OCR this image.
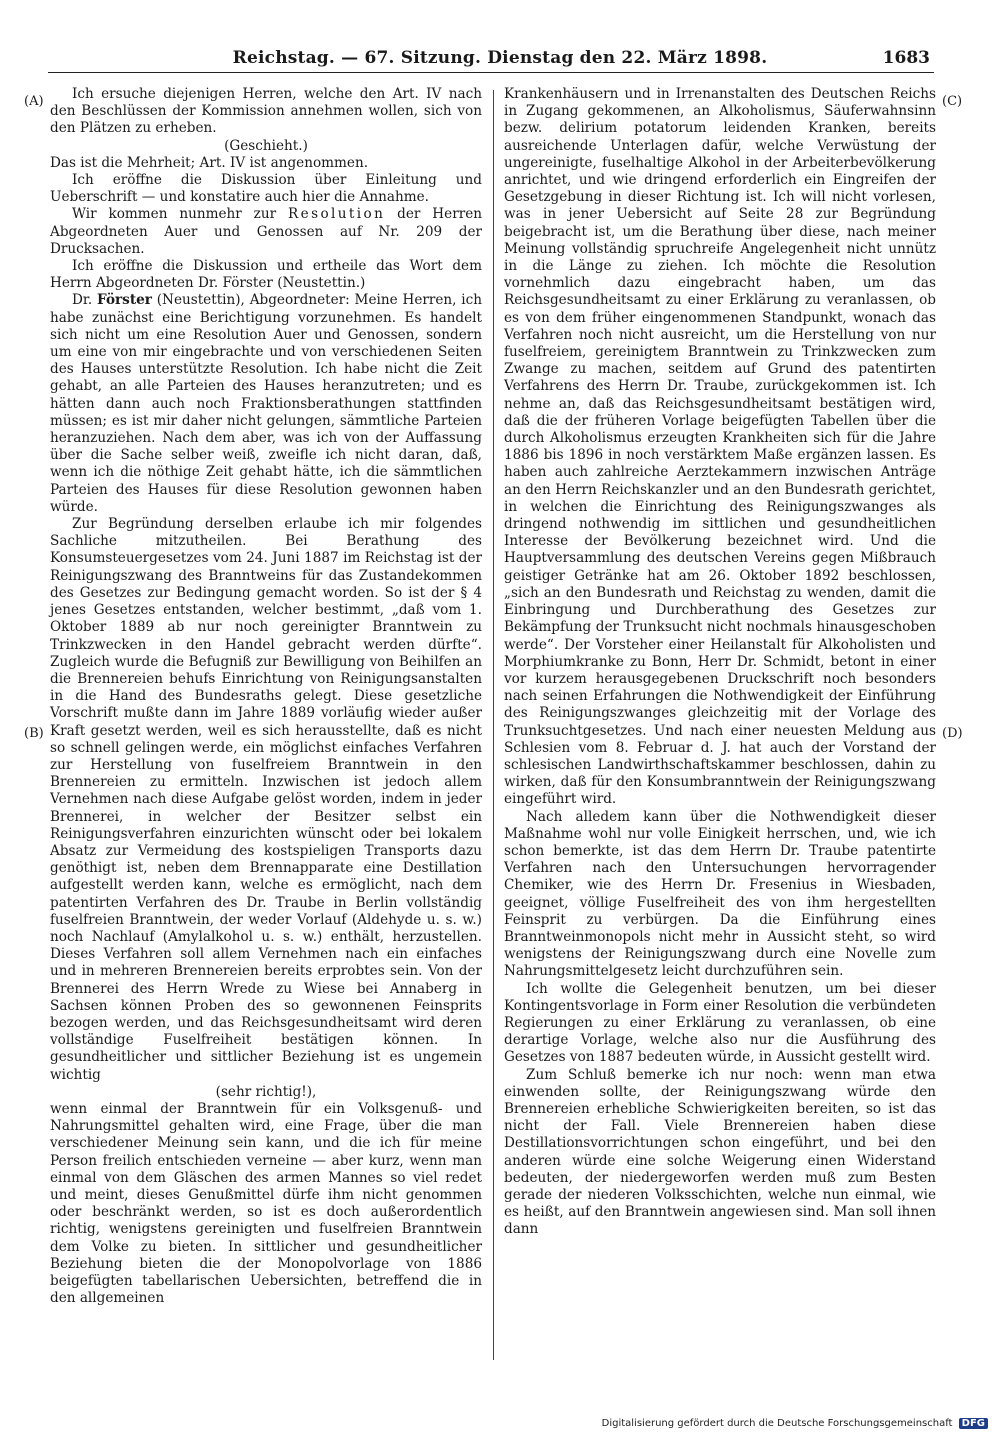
Reichstag. — 67. Sitzung. Dienstag den 22. März 1898.	1683
(A)
(B)
(C)
(D)

Ich ersuche diejenigen Herren, welche den Art. IV nach den Beschlüssen der Kommission annehmen wollen, sich von den Plätzen zu erheben.

(Geschieht.)

Das ist die Mehrheit; Art. IV ist angenommen.

Ich eröffne die Diskussion über Einleitung und Ueberschrift — und konstatire auch hier die Annahme.

Wir kommen nunmehr zur Resolution der Herren Abgeordneten Auer und Genossen auf Nr. 209 der Drucksachen.

Ich eröffne die Diskussion und ertheile das Wort dem Herrn Abgeordneten Dr. Förster (Neustettin.)

Dr. Förster (Neustettin), Abgeordneter: Meine Herren, ich habe zunächst eine Berichtigung vorzunehmen. Es handelt sich nicht um eine Resolution Auer und Genossen, sondern um eine von mir eingebrachte und von verschiedenen Seiten des Hauses unterstützte Resolution. Ich habe nicht die Zeit gehabt, an alle Parteien des Hauses heranzutreten; und es hätten dann auch noch Fraktionsberathungen stattfinden müssen; es ist mir daher nicht gelungen, sämmtliche Parteien heranzuziehen. Nach dem aber, was ich von der Auffassung über die Sache selber weiß, zweifle ich nicht daran, daß, wenn ich die nöthige Zeit gehabt hätte, ich die sämmtlichen Parteien des Hauses für diese Resolution gewonnen haben würde.

Zur Begründung derselben erlaube ich mir folgendes Sachliche mitzutheilen. Bei Berathung des Konsumsteuergesetzes vom 24. Juni 1887 im Reichstag ist der Reinigungszwang des Branntweins für das Zustandekommen des Gesetzes zur Bedingung gemacht worden. So ist der § 4 jenes Gesetzes entstanden, welcher bestimmt, „daß vom 1. Oktober 1889 ab nur noch gereinigter Branntwein zu Trinkzwecken in den Handel gebracht werden dürfte“. Zugleich wurde die Befugniß zur Bewilligung von Beihilfen an die Brennereien behufs Einrichtung von Reinigungsanstalten in die Hand des Bundesraths gelegt. Diese gesetzliche Vorschrift mußte dann im Jahre 1889 vorläufig wieder außer Kraft gesetzt werden, weil es sich herausstellte, daß es nicht so schnell gelingen werde, ein möglichst einfaches Verfahren zur Herstellung von fuselfreiem Branntwein in den Brennereien zu ermitteln. Inzwischen ist jedoch allem Vernehmen nach diese Aufgabe gelöst worden, indem in jeder Brennerei, in welcher der Besitzer selbst ein Reinigungsverfahren einzurichten wünscht oder bei lokalem Absatz zur Vermeidung des kostspieligen Transports dazu genöthigt ist, neben dem Brennapparate eine Destillation aufgestellt werden kann, welche es ermöglicht, nach dem patentirten Verfahren des Dr. Traube in Berlin vollständig fuselfreien Branntwein, der weder Vorlauf (Aldehyde u. s. w.) noch Nachlauf (Amylalkohol u. s. w.) enthält, herzustellen. Dieses Verfahren soll allem Vernehmen nach ein einfaches und in mehreren Brennereien bereits erprobtes sein. Von der Brennerei des Herrn Wrede zu Wiese bei Annaberg in Sachsen können Proben des so gewonnenen Feinsprits bezogen werden, und das Reichsgesundheitsamt wird deren vollständige Fuselfreiheit bestätigen können. In gesundheitlicher und sittlicher Beziehung ist es ungemein wichtig

(sehr richtig!),

wenn einmal der Branntwein für ein Volksgenuß- und Nahrungsmittel gehalten wird, eine Frage, über die man verschiedener Meinung sein kann, und die ich für meine Person freilich entschieden verneine — aber kurz, wenn man einmal von dem Gläschen des armen Mannes so viel redet und meint, dieses Genußmittel dürfe ihm nicht genommen oder beschränkt werden, so ist es doch außerordentlich richtig, wenigstens gereinigten und fuselfreien Branntwein dem Volke zu bieten. In sittlicher und gesundheitlicher Beziehung bieten die der Monopolvorlage von 1886 beigefügten tabellarischen Uebersichten, betreffend die in den allgemeinen

Krankenhäusern und in Irrenanstalten des Deutschen Reichs in Zugang gekommenen, an Alkoholismus, Säuferwahnsinn bezw. delirium potatorum leidenden Kranken, bereits ausreichende Unterlagen dafür, welche Verwüstung der ungereinigte, fuselhaltige Alkohol in der Arbeiterbevölkerung anrichtet, und wie dringend erforderlich ein Eingreifen der Gesetzgebung in dieser Richtung ist. Ich will nicht vorlesen, was in jener Uebersicht auf Seite 28 zur Begründung beigebracht ist, um die Berathung über diese, nach meiner Meinung vollständig spruchreife Angelegenheit nicht unnütz in die Länge zu ziehen. Ich möchte die Resolution vornehmlich dazu eingebracht haben, um das Reichsgesundheitsamt zu einer Erklärung zu veranlassen, ob es von dem früher eingenommenen Standpunkt, wonach das Verfahren noch nicht ausreicht, um die Herstellung von nur fuselfreiem, gereinigtem Branntwein zu Trinkzwecken zum Zwange zu machen, seitdem auf Grund des patentirten Verfahrens des Herrn Dr. Traube, zurückgekommen ist. Ich nehme an, daß das Reichsgesundheitsamt bestätigen wird, daß die der früheren Vorlage beigefügten Tabellen über die durch Alkoholismus erzeugten Krankheiten sich für die Jahre 1886 bis 1896 in noch verstärktem Maße ergänzen lassen. Es haben auch zahlreiche Aerztekammern inzwischen Anträge an den Herrn Reichskanzler und an den Bundesrath gerichtet, in welchen die Einrichtung des Reinigungszwanges als dringend nothwendig im sittlichen und gesundheitlichen Interesse der Bevölkerung bezeichnet wird. Und die Hauptversammlung des deutschen Vereins gegen Mißbrauch geistiger Getränke hat am 26. Oktober 1892 beschlossen, „sich an den Bundesrath und Reichstag zu wenden, damit die Einbringung und Durchberathung des Gesetzes zur Bekämpfung der Trunksucht nicht nochmals hinausgeschoben werde“. Der Vorsteher einer Heilanstalt für Alkoholisten und Morphiumkranke zu Bonn, Herr Dr. Schmidt, betont in einer vor kurzem herausgegebenen Druckschrift noch besonders nach seinen Erfahrungen die Nothwendigkeit der Einführung des Reinigungszwanges gleichzeitig mit der Vorlage des Trunksuchtgesetzes. Und nach einer neuesten Meldung aus Schlesien vom 8. Februar d. J. hat auch der Vorstand der schlesischen Landwirthschaftskammer beschlossen, dahin zu wirken, daß für den Konsumbranntwein der Reinigungszwang eingeführt wird.

Nach alledem kann über die Nothwendigkeit dieser Maßnahme wohl nur volle Einigkeit herrschen, und, wie ich schon bemerkte, ist das dem Herrn Dr. Traube patentirte Verfahren nach den Untersuchungen hervorragender Chemiker, wie des Herrn Dr. Fresenius in Wiesbaden, geeignet, völlige Fuselfreiheit des von ihm hergestellten Feinsprit zu verbürgen. Da die Einführung eines Branntweinmonopols nicht mehr in Aussicht steht, so wird wenigstens der Reinigungszwang durch eine Novelle zum Nahrungsmittelgesetz leicht durchzuführen sein.

Ich wollte die Gelegenheit benutzen, um bei dieser Kontingentsvorlage in Form einer Resolution die verbündeten Regierungen zu einer Erklärung zu veranlassen, ob eine derartige Vorlage, welche also nur die Ausführung des Gesetzes von 1887 bedeuten würde, in Aussicht gestellt wird.

Zum Schluß bemerke ich nur noch: wenn man etwa einwenden sollte, der Reinigungszwang würde den Brennereien erhebliche Schwierigkeiten bereiten, so ist das nicht der Fall. Viele Brennereien haben diese Destillationsvorrichtungen schon eingeführt, und bei den anderen würde eine solche Weigerung einen Widerstand bedeuten, der niedergeworfen werden muß zum Besten gerade der niederen Volksschichten, welche nun einmal, wie es heißt, auf den Branntwein angewiesen sind. Man soll ihnen dann

Digitalisierung gefördert durch die Deutsche Forschungsgemeinschaft DFG
